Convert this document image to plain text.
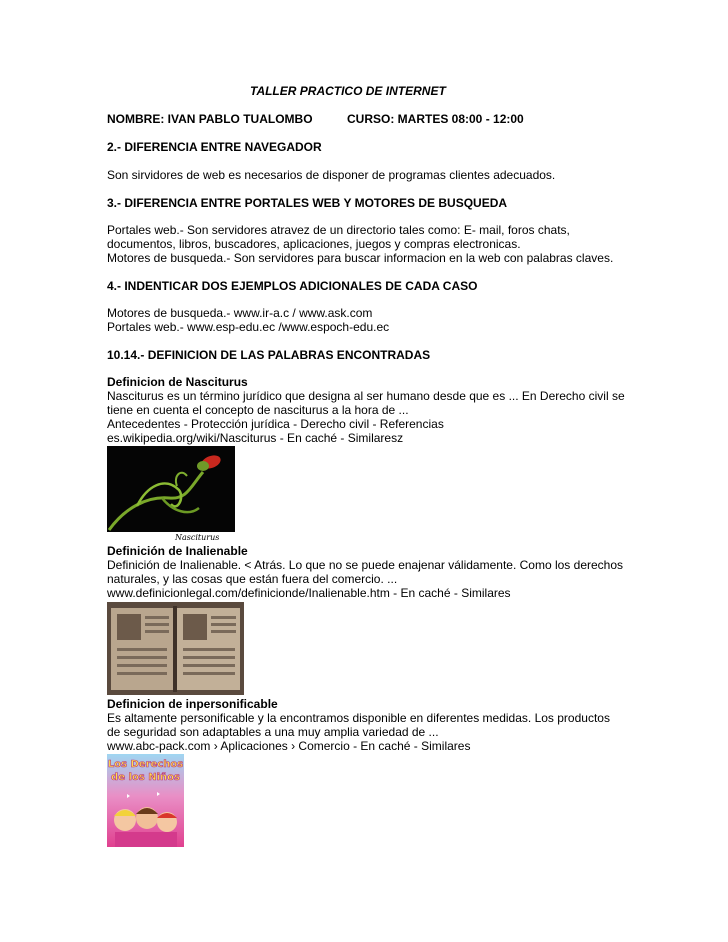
TALLER PRACTICO DE INTERNET
NOMBRE: IVAN PABLO TUALOMBO	CURSO: MARTES 08:00 - 12:00
2.- DIFERENCIA ENTRE NAVEGADOR
Son sirvidores de web es necesarios de disponer de programas clientes adecuados.
3.- DIFERENCIA ENTRE PORTALES WEB Y MOTORES DE BUSQUEDA
Portales web.- Son servidores atravez de un directorio tales como: E- mail, foros chats,
documentos, libros, buscadores, aplicaciones, juegos y compras electronicas.
Motores de busqueda.- Son servidores para buscar informacion en la web con palabras claves.
4.- INDENTICAR DOS EJEMPLOS ADICIONALES DE CADA CASO
Motores de busqueda.- www.ir-a.c / www.ask.com
Portales web.- www.esp-edu.ec /www.espoch-edu.ec
10.14.- DEFINICION DE LAS PALABRAS ENCONTRADAS
Definicion de Nasciturus
Nasciturus es un término jurídico que designa al ser humano desde que es ... En Derecho civil se
tiene en cuenta el concepto de nasciturus a la hora de ...
Antecedentes - Protección jurídica - Derecho civil - Referencias
es.wikipedia.org/wiki/Nasciturus - En caché - Similaresz
Nasciturus
Definición de Inalienable
Definición de Inalienable. < Atrás. Lo que no se puede enajenar válidamente. Como los derechos
naturales, y las cosas que están fuera del comercio. ...
www.definicionlegal.com/definicionde/Inalienable.htm - En caché - Similares
Definicion de inpersonificable
Es altamente personificable y la encontramos disponible en diferentes medidas. Los productos
de seguridad son adaptables a una muy amplia variedad de ...
www.abc-pack.com › Aplicaciones › Comercio - En caché - Similares
Los Derechos
de los Niños
